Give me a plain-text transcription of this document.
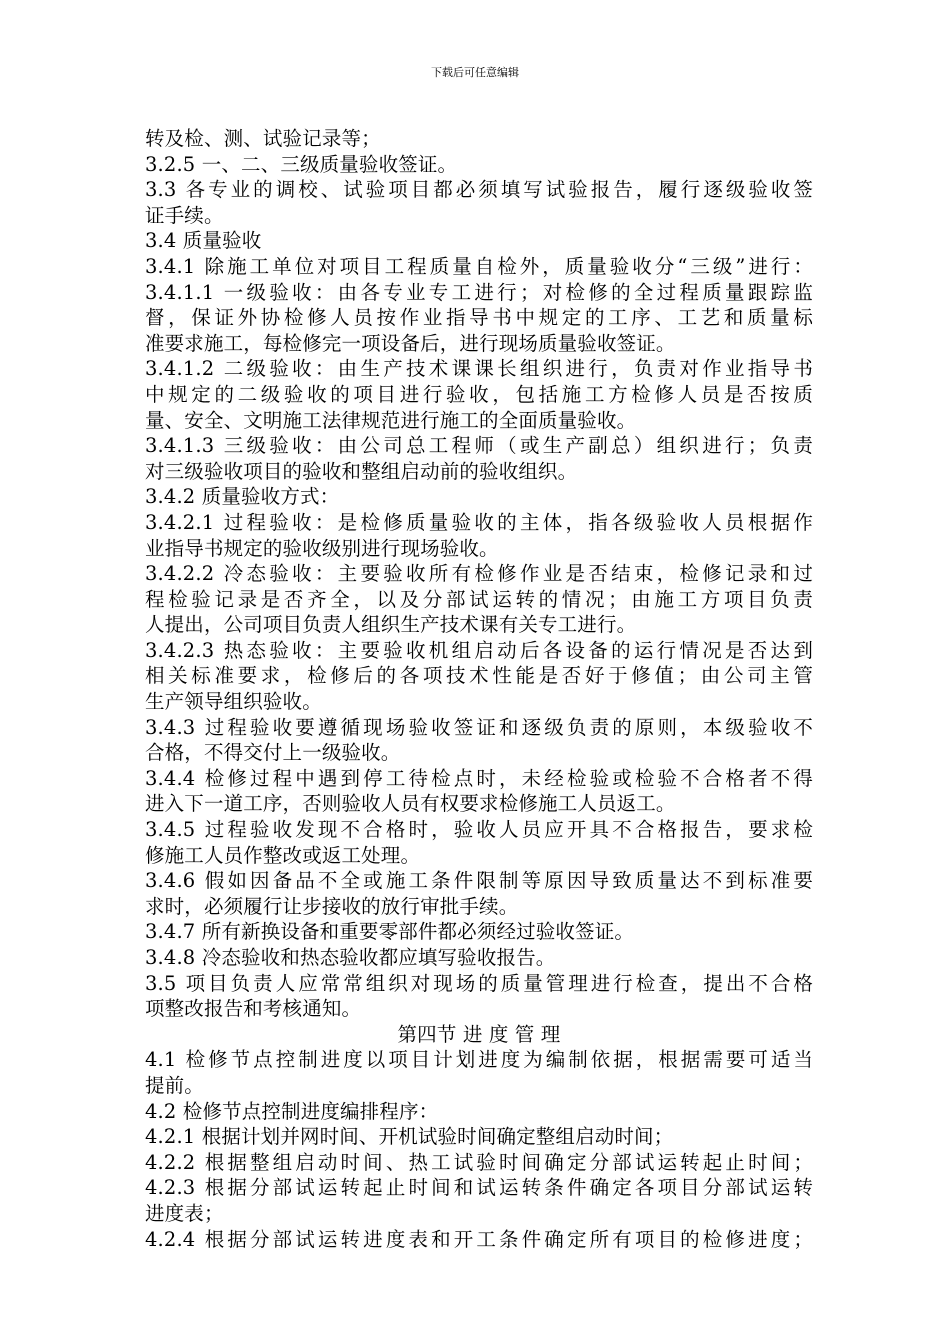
下载后可任意编辑
转及检、测、试验记录等；
3.2.5 一、二、三级质量验收签证。
3.3 各专业的调校、试验项目都必须填写试验报告，履行逐级验收签
证手续。
3.4 质量验收
3.4.1 除施工单位对项目工程质量自检外，质量验收分“三级”进行：
3.4.1.1 一级验收：由各专业专工进行；对检修的全过程质量跟踪监
督，保证外协检修人员按作业指导书中规定的工序、工艺和质量标
准要求施工，每检修完一项设备后，进行现场质量验收签证。
3.4.1.2 二级验收：由生产技术课课长组织进行，负责对作业指导书
中规定的二级验收的项目进行验收，包括施工方检修人员是否按质
量、安全、文明施工法律规范进行施工的全面质量验收。
3.4.1.3 三级验收：由公司总工程师（或生产副总）组织进行；负责
对三级验收项目的验收和整组启动前的验收组织。
3.4.2 质量验收方式：
3.4.2.1 过程验收：是检修质量验收的主体，指各级验收人员根据作
业指导书规定的验收级别进行现场验收。
3.4.2.2 冷态验收：主要验收所有检修作业是否结束，检修记录和过
程检验记录是否齐全，以及分部试运转的情况；由施工方项目负责
人提出，公司项目负责人组织生产技术课有关专工进行。
3.4.2.3 热态验收：主要验收机组启动后各设备的运行情况是否达到
相关标准要求，检修后的各项技术性能是否好于修值；由公司主管
生产领导组织验收。
3.4.3 过程验收要遵循现场验收签证和逐级负责的原则，本级验收不
合格，不得交付上一级验收。
3.4.4 检修过程中遇到停工待检点时，未经检验或检验不合格者不得
进入下一道工序，否则验收人员有权要求检修施工人员返工。
3.4.5 过程验收发现不合格时，验收人员应开具不合格报告，要求检
修施工人员作整改或返工处理。
3.4.6 假如因备品不全或施工条件限制等原因导致质量达不到标准要
求时，必须履行让步接收的放行审批手续。
3.4.7 所有新换设备和重要零部件都必须经过验收签证。
3.4.8 冷态验收和热态验收都应填写验收报告。
3.5 项目负责人应常常组织对现场的质量管理进行检查，提出不合格
项整改报告和考核通知。
第四节 进 度 管 理
4.1 检修节点控制进度以项目计划进度为编制依据，根据需要可适当
提前。
4.2 检修节点控制进度编排程序：
4.2.1 根据计划并网时间、开机试验时间确定整组启动时间；
4.2.2 根据整组启动时间、热工试验时间确定分部试运转起止时间；
4.2.3 根据分部试运转起止时间和试运转条件确定各项目分部试运转
进度表；
4.2.4 根据分部试运转进度表和开工条件确定所有项目的检修进度；
